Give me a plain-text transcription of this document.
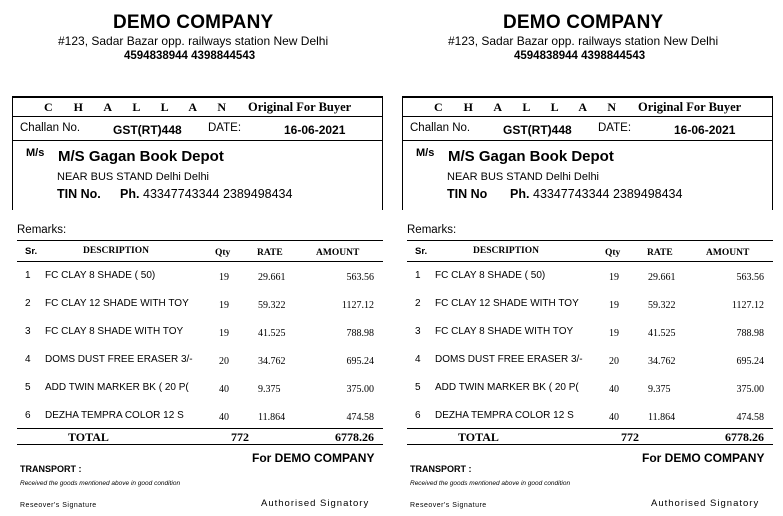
DEMO COMPANY
#123, Sadar Bazar opp. railways station New Delhi
4594838944 4398844543
C H A L L A N Original For Buyer
Challan No.	GST(RT)448 DATE:	16-06-2021
M/s M/S Gagan Book Depot
NEAR BUS STAND Delhi Delhi
TIN No. Ph. 43347743344 2389498434
Remarks:
Sr.	DESCRIPTION	Qty	RATE	AMOUNT
1 FC CLAY 8 SHADE ( 50)	19	29.661	563.56
2 FC CLAY 12 SHADE WITH TOY	19	59.322	1127.12
3 FC CLAY 8 SHADE WITH TOY	19	41.525	788.98
4 DOMS DUST FREE ERASER 3/-	20	34.762	695.24
5 ADD TWIN MARKER BK ( 20 P(	40	9.375	375.00
6 DEZHA TEMPRA COLOR 12 S	40	11.864	474.58
TOTAL	772	6778.26
For DEMO COMPANY
TRANSPORT :
Received the goods mentioned above in good condition
Reseover's Signature	Authorised Signatory
DEMO COMPANY
#123, Sadar Bazar opp. railways station New Delhi
4594838944 4398844543
C H A L L A N Original For Buyer
Challan No.	GST(RT)448 DATE:	16-06-2021
M/s M/S Gagan Book Depot
NEAR BUS STAND Delhi Delhi
TIN No Ph. 43347743344 2389498434
Remarks:
Sr.	DESCRIPTION	Qty	RATE	AMOUNT
1 FC CLAY 8 SHADE ( 50)	19	29.661	563.56
2 FC CLAY 12 SHADE WITH TOY	19	59.322	1127.12
3 FC CLAY 8 SHADE WITH TOY	19	41.525	788.98
4 DOMS DUST FREE ERASER 3/-	20	34.762	695.24
5 ADD TWIN MARKER BK ( 20 P(	40	9.375	375.00
6 DEZHA TEMPRA COLOR 12 S	40	11.864	474.58
TOTAL	772	6778.26
For DEMO COMPANY
TRANSPORT :
Received the goods mentioned above in good condition
Reseover's Signature	Authorised Signatory
